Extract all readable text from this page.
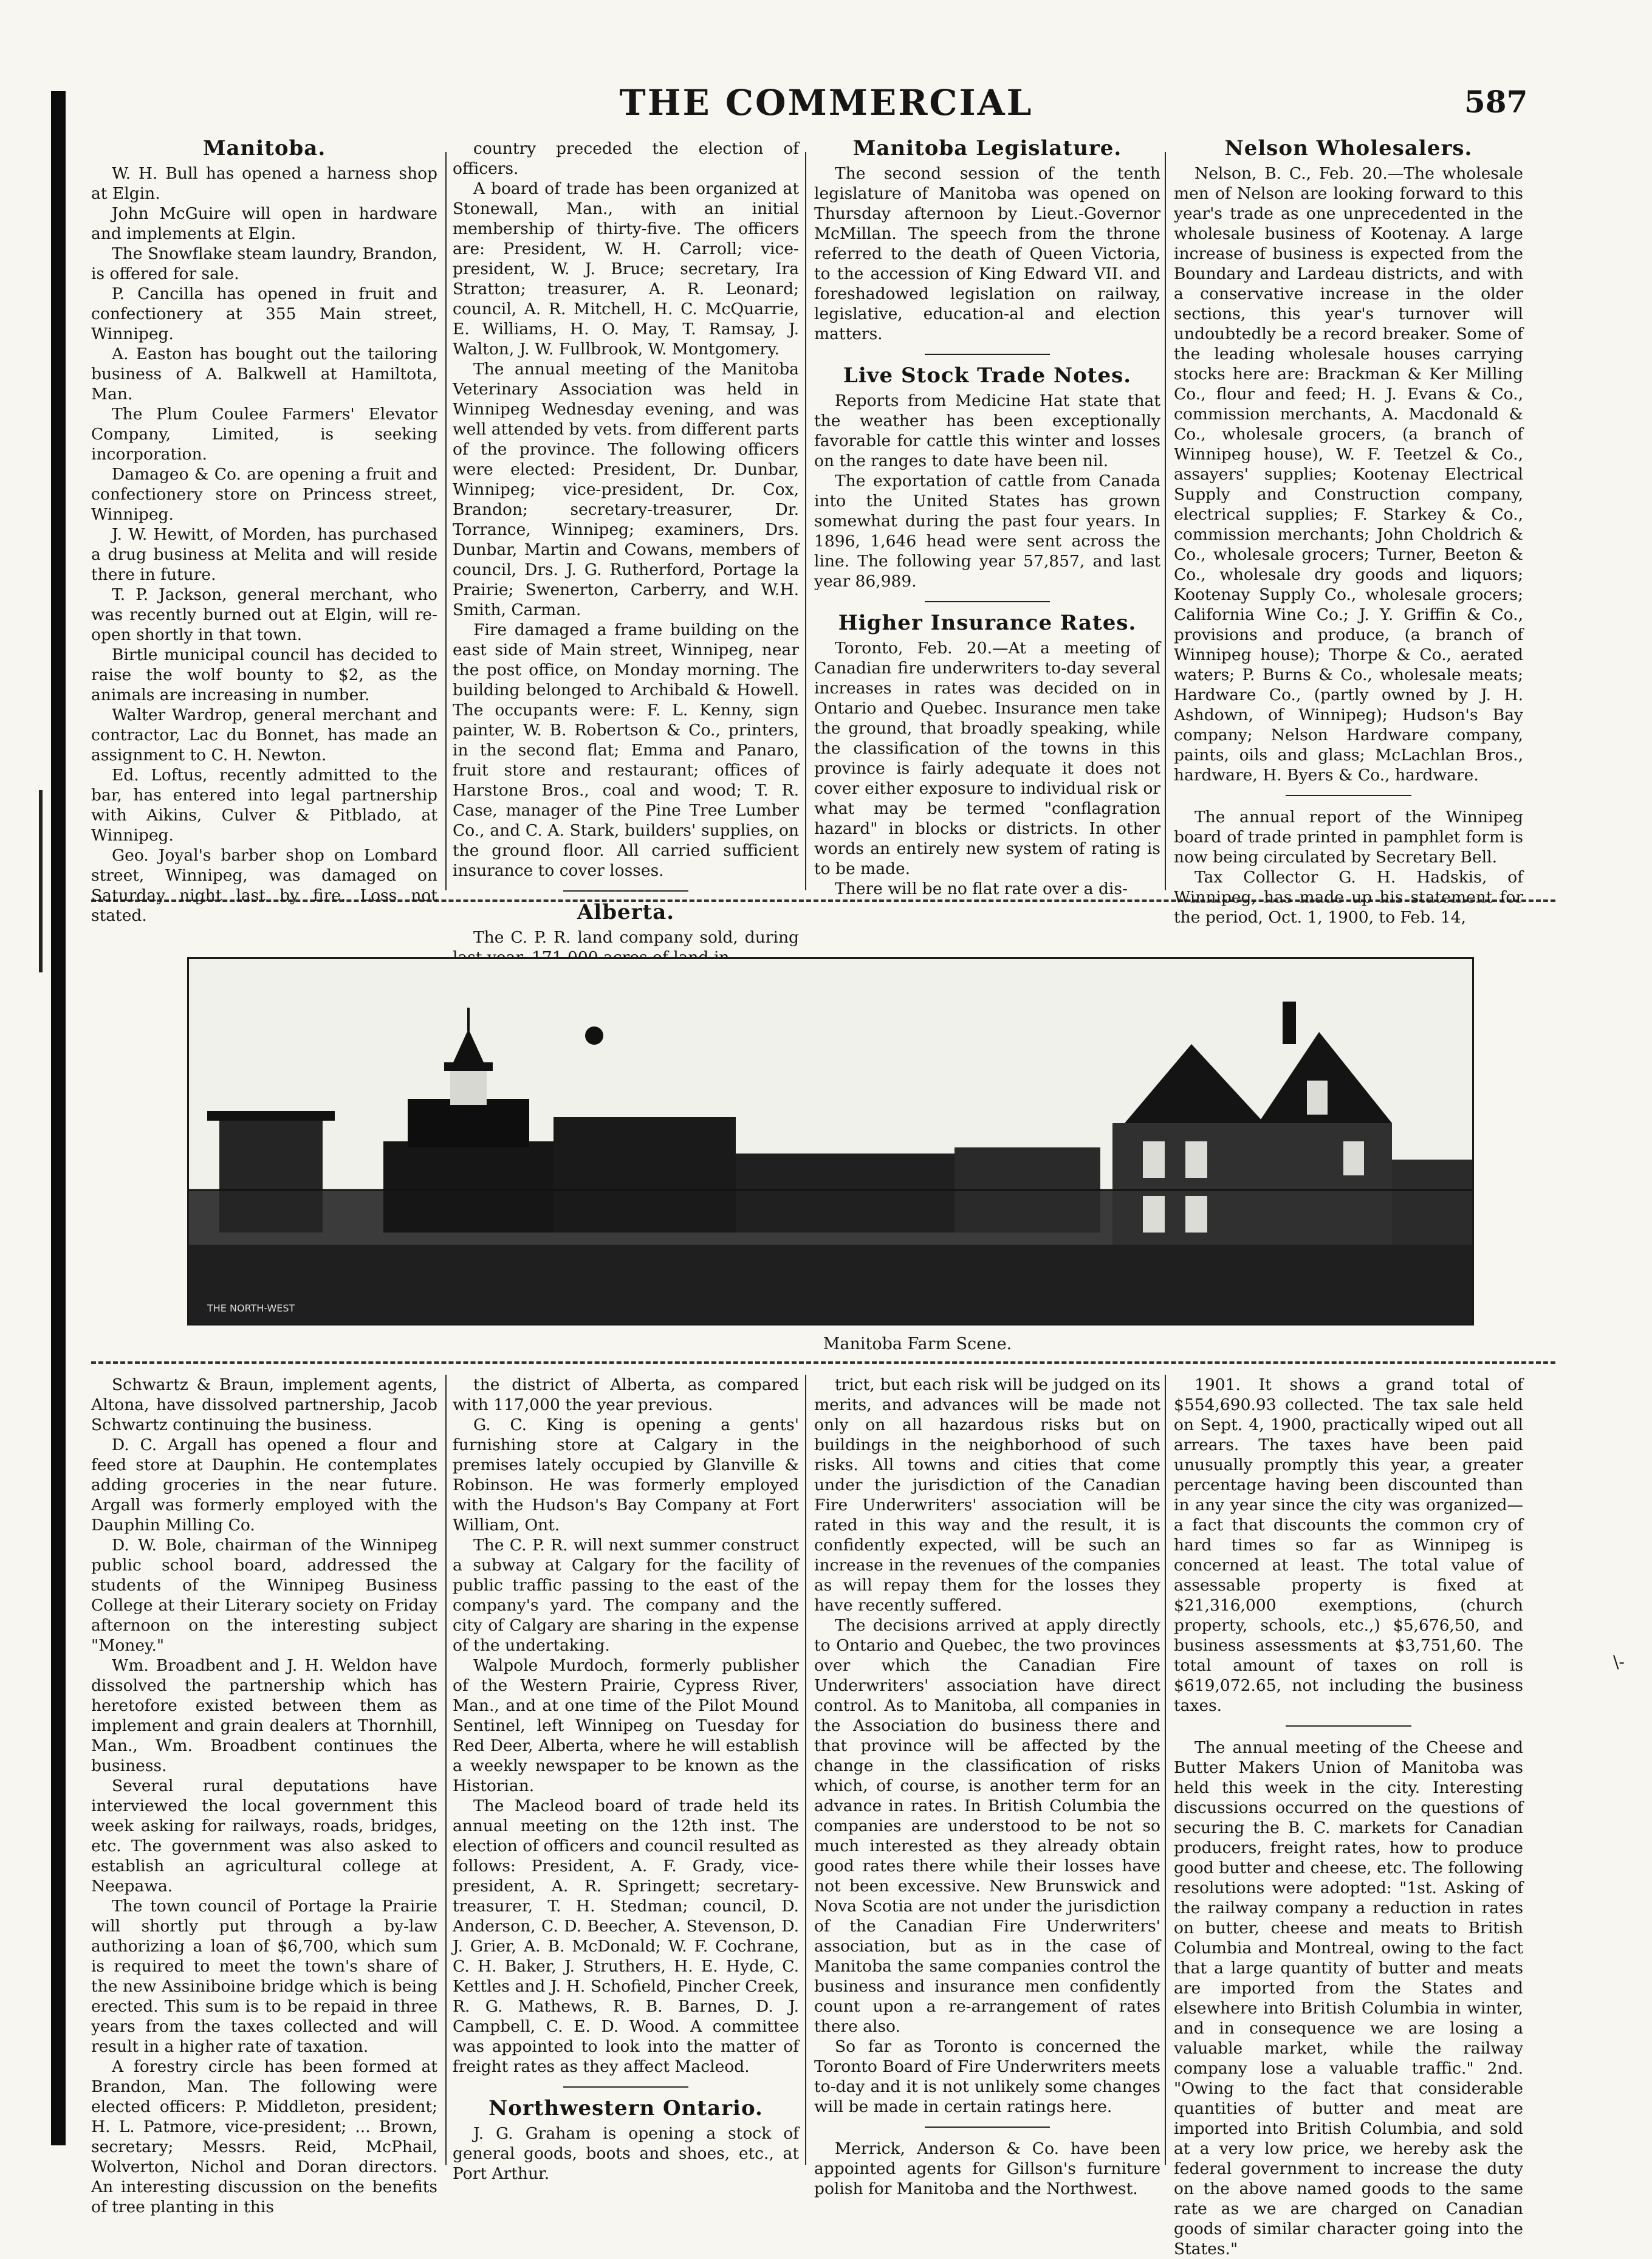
THE COMMERCIAL	587
Manitoba.

W. H. Bull has opened a harness shop at Elgin.

John McGuire will open in hardware and implements at Elgin.

The Snowflake steam laundry, Brandon, is offered for sale.

P. Cancilla has opened in fruit and confectionery at 355 Main street, Winnipeg.

A. Easton has bought out the tailoring business of A. Balkwell at Hamiltota, Man.

The Plum Coulee Farmers' Elevator Company, Limited, is seeking incorporation.

Damageo & Co. are opening a fruit and confectionery store on Princess street, Winnipeg.

J. W. Hewitt, of Morden, has purchased a drug business at Melita and will reside there in future.

T. P. Jackson, general merchant, who was recently burned out at Elgin, will re-open shortly in that town.

Birtle municipal council has decided to raise the wolf bounty to $2, as the animals are increasing in number.

Walter Wardrop, general merchant and contractor, Lac du Bonnet, has made an assignment to C. H. Newton.

Ed. Loftus, recently admitted to the bar, has entered into legal partnership with Aikins, Culver & Pitblado, at Winnipeg.

Geo. Joyal's barber shop on Lombard street, Winnipeg, was damaged on Saturday night last by fire. Loss not stated.

country preceded the election of officers.

A board of trade has been organized at Stonewall, Man., with an initial membership of thirty-five. The officers are: President, W. H. Carroll; vice-president, W. J. Bruce; secretary, Ira Stratton; treasurer, A. R. Leonard; council, A. R. Mitchell, H. C. McQuarrie, E. Williams, H. O. May, T. Ramsay, J. Walton, J. W. Fullbrook, W. Montgomery.

The annual meeting of the Manitoba Veterinary Association was held in Winnipeg Wednesday evening, and was well attended by vets. from different parts of the province. The following officers were elected: President, Dr. Dunbar, Winnipeg; vice-president, Dr. Cox, Brandon; secretary-treasurer, Dr. Torrance, Winnipeg; examiners, Drs. Dunbar, Martin and Cowans, members of council, Drs. J. G. Rutherford, Portage la Prairie; Swenerton, Carberry, and W.H. Smith, Carman.

Fire damaged a frame building on the east side of Main street, Winnipeg, near the post office, on Monday morning. The building belonged to Archibald & Howell. The occupants were: F. L. Kenny, sign painter, W. B. Robertson & Co., printers, in the second flat; Emma and Panaro, fruit store and restaurant; offices of Harstone Bros., coal and wood; T. R. Case, manager of the Pine Tree Lumber Co., and C. A. Stark, builders' supplies, on the ground floor. All carried sufficient insurance to cover losses.

Alberta.

The C. P. R. land company sold, during

Manitoba Legislature.

The second session of the tenth legislature of Manitoba was opened on Thursday afternoon by Lieut.-Governor McMillan. The speech from the throne referred to the death of Queen Victoria, to the accession of King Edward VII. and foreshadowed legislation on railway, legislative, education-al and election matters.

Live Stock Trade Notes.

Reports from Medicine Hat state that the weather has been exceptionally favorable for cattle this winter and losses on the ranges to date have been nil.

The exportation of cattle from Canada into the United States has grown somewhat during the past four years. In 1896, 1,646 head were sent across the line. The following year 57,857, and last year 86,989.

Higher Insurance Rates.

Toronto, Feb. 20.—At a meeting of Canadian fire underwriters to-day several increases in rates was decided on in Ontario and Quebec. Insurance men take the ground, that broadly speaking, while the classification of the towns in this province is fairly adequate it does not cover either exposure to individual risk or what may be termed "conflagration hazard" in blocks or districts. In other words an entirely new system of rating is to be made.

There will be no flat rate over a dis-

Nelson Wholesalers.

Nelson, B. C., Feb. 20.—The wholesale men of Nelson are looking forward to this year's trade as one unprecedented in the wholesale business of Kootenay. A large increase of business is expected from the Boundary and Lardeau districts, and with a conservative increase in the older sections, this year's turnover will undoubtedly be a record breaker. Some of the leading wholesale houses carrying stocks here are: Brackman & Ker Milling Co., flour and feed; H. J. Evans & Co., commission merchants, A. Macdonald & Co., wholesale grocers, (a branch of Winnipeg house), W. F. Teetzel & Co., assayers' supplies; Kootenay Electrical Supply and Construction company, electrical supplies; F. Starkey & Co., commission merchants; John Choldrich & Co., wholesale grocers; Turner, Beeton & Co., wholesale dry goods and liquors; Kootenay Supply Co., wholesale grocers; California Wine Co.; J. Y. Griffin & Co., provisions and produce, (a branch of Winnipeg house); Thorpe & Co., aerated waters; P. Burns & Co., wholesale meats; Hardware Co., (partly owned by J. H. Ashdown, of Winnipeg); Hudson's Bay company; Nelson Hardware company, paints, oils and glass; McLachlan Bros., hardware, H. Byers & Co., hardware.

The annual report of the Winnipeg board of trade printed in pamphlet form is now being circulated by Secretary Bell.

Tax Collector G. H. Hadskis, of Winnipeg, has made up his statement for the period, Oct. 1, 1900, to Feb. 14,

THE NORTH-WEST
Manitoba Farm Scene.

Schwartz & Braun, implement agents, Altona, have dissolved partnership, Jacob Schwartz continuing the business.

D. C. Argall has opened a flour and feed store at Dauphin. He contemplates adding groceries in the near future. Argall was formerly employed with the Dauphin Milling Co.

D. W. Bole, chairman of the Winnipeg public school board, addressed the students of the Winnipeg Business College at their Literary society on Friday afternoon on the interesting subject "Money."

Wm. Broadbent and J. H. Weldon have dissolved the partnership which has heretofore existed between them as implement and grain dealers at Thornhill, Man., Wm. Broadbent continues the business.

Several rural deputations have interviewed the local government this week asking for railways, roads, bridges, etc. The government was also asked to establish an agricultural college at Neepawa.

The town council of Portage la Prairie will shortly put through a by-law authorizing a loan of $6,700, which sum is required to meet the town's share of the new Assiniboine bridge which is being erected. This sum is to be repaid in three years from the taxes collected and will result in a higher rate of taxation.

A forestry circle has been formed at Brandon, Man. The following were elected officers: P. Middleton, president; H. L. Patmore, vice-president; ... Brown, secretary; Messrs. Reid, McPhail, Wolverton, Nichol and Doran directors. An interesting discussion on the benefits of tree planting in this

the district of Alberta, as compared with 117,000 the year previous.

G. C. King is opening a gents' furnishing store at Calgary in the premises lately occupied by Glanville & Robinson. He was formerly employed with the Hudson's Bay Company at Fort William, Ont.

The C. P. R. will next summer construct a subway at Calgary for the facility of public traffic passing to the east of the company's yard. The company and the city of Calgary are sharing in the expense of the undertaking.

Walpole Murdoch, formerly publisher of the Western Prairie, Cypress River, Man., and at one time of the Pilot Mound Sentinel, left Winnipeg on Tuesday for Red Deer, Alberta, where he will establish a weekly newspaper to be known as the Historian.

The Macleod board of trade held its annual meeting on the 12th inst. The election of officers and council resulted as follows: President, A. F. Grady, vice-president, A. R. Springett; secretary-treasurer, T. H. Stedman; council, D. Anderson, C. D. Beecher, A. Stevenson, D. J. Grier, A. B. McDonald; W. F. Cochrane, C. H. Baker, J. Struthers, H. E. Hyde, C. Kettles and J. H. Schofield, Pincher Creek, R. G. Mathews, R. B. Barnes, D. J. Campbell, C. E. D. Wood. A committee was appointed to look into the matter of freight rates as they affect Macleod.

Northwestern Ontario.

J. G. Graham is opening a stock of general goods, boots and shoes, etc., at Port Arthur.

trict, but each risk will be judged on its merits, and advances will be made not only on all hazardous risks but on buildings in the neighborhood of such risks. All towns and cities that come under the jurisdiction of the Canadian Fire Underwriters' association will be rated in this way and the result, it is confidently expected, will be such an increase in the revenues of the companies as will repay them for the losses they have recently suffered.

The decisions arrived at apply directly to Ontario and Quebec, the two provinces over which the Canadian Fire Underwriters' association have direct control. As to Manitoba, all companies in the Association do business there and that province will be affected by the change in the classification of risks which, of course, is another term for an advance in rates. In British Columbia the companies are understood to be not so much interested as they already obtain good rates there while their losses have not been excessive. New Brunswick and Nova Scotia are not under the jurisdiction of the Canadian Fire Underwriters' association, but as in the case of Manitoba the same companies control the business and insurance men confidently count upon a re-arrangement of rates there also.

So far as Toronto is concerned the Toronto Board of Fire Underwriters meets to-day and it is not unlikely some changes will be made in certain ratings here.

Merrick, Anderson & Co. have been appointed agents for Gillson's furniture polish for Manitoba and the Northwest.

1901. It shows a grand total of $554,690.93 collected. The tax sale held on Sept. 4, 1900, practically wiped out all arrears. The taxes have been paid unusually promptly this year, a greater percentage having been discounted than in any year since the city was organized—a fact that discounts the common cry of hard times so far as Winnipeg is concerned at least. The total value of assessable property is fixed at $21,316,000 exemptions, (church property, schools, etc.,) $5,676,50, and business assessments at $3,751,60. The total amount of taxes on roll is $619,072.65, not including the business taxes.

The annual meeting of the Cheese and Butter Makers Union of Manitoba was held this week in the city. Interesting discussions occurred on the questions of securing the B. C. markets for Canadian producers, freight rates, how to produce good butter and cheese, etc. The following resolutions were adopted: "1st. Asking of the railway company a reduction in rates on butter, cheese and meats to British Columbia and Montreal, owing to the fact that a large quantity of butter and meats are imported from the States and elsewhere into British Columbia in winter, and in consequence we are losing a valuable market, while the railway company lose a valuable traffic." 2nd. "Owing to the fact that considerable quantities of butter and meat are imported into British Columbia, and sold at a very low price, we hereby ask the federal government to increase the duty on the above named goods to the same rate as we are charged on Canadian goods of similar character going into the States."

\-
